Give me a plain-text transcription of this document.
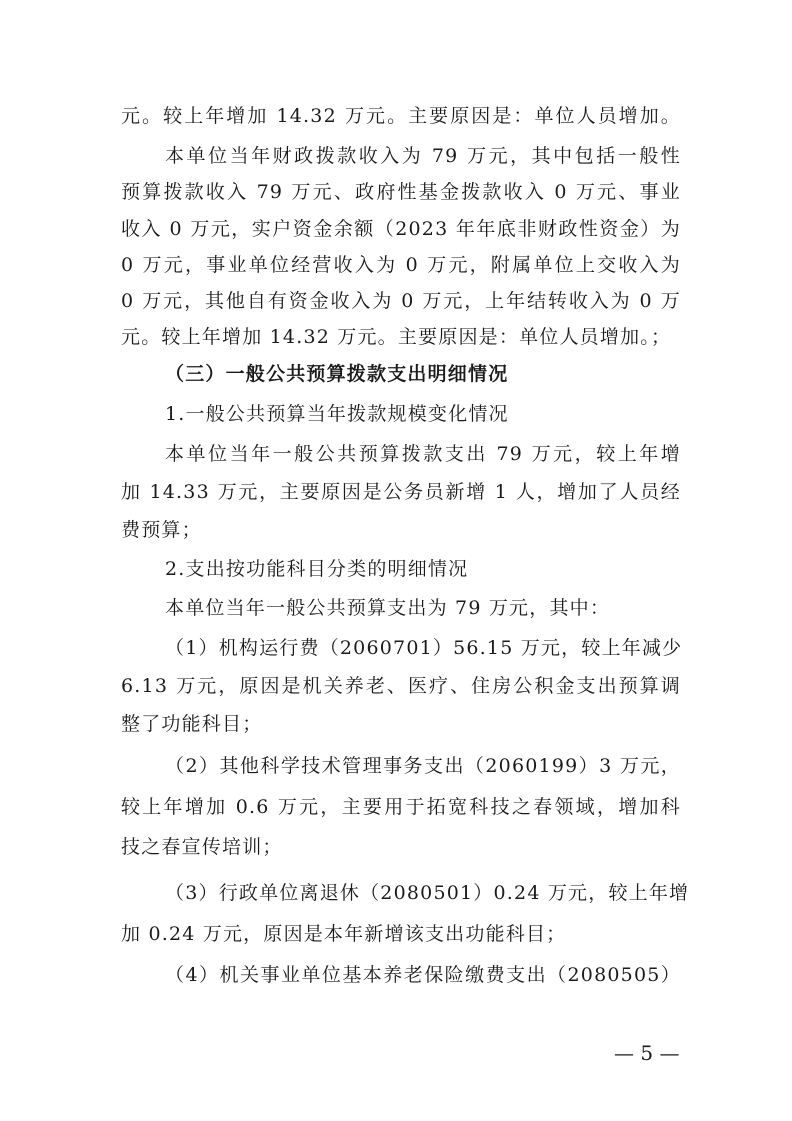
元。较上年增加 14.32 万元。主要原因是：单位人员增加。
本单位当年财政拨款收入为 79 万元，其中包括一般性
预算拨款收入 79 万元、政府性基金拨款收入 0 万元、事业
收入 0 万元，实户资金余额（2023 年年底非财政性资金）为
0 万元，事业单位经营收入为 0 万元，附属单位上交收入为
0 万元，其他自有资金收入为 0 万元，上年结转收入为 0 万
元。较上年增加 14.32 万元。主要原因是：单位人员增加。；
（三）一般公共预算拨款支出明细情况
1.一般公共预算当年拨款规模变化情况
本单位当年一般公共预算拨款支出 79 万元，较上年增
加 14.33 万元，主要原因是公务员新增 1 人，增加了人员经
费预算；
2.支出按功能科目分类的明细情况
本单位当年一般公共预算支出为 79 万元，其中：
（1）机构运行费（2060701）56.15 万元，较上年减少
6.13 万元，原因是机关养老、医疗、住房公积金支出预算调
整了功能科目；
（2）其他科学技术管理事务支出（2060199）3 万元，
较上年增加 0.6 万元，主要用于拓宽科技之春领域，增加科
技之春宣传培训；
（3）行政单位离退休（2080501）0.24 万元，较上年增
加 0.24 万元，原因是本年新增该支出功能科目；
（4）机关事业单位基本养老保险缴费支出（2080505）
— 5 —
